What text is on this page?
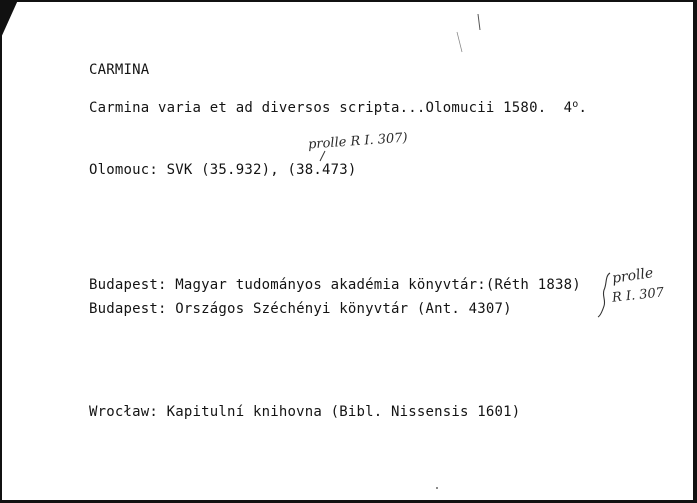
CARMINA
Carmina varia et ad diversos scripta...Olomucii 1580. 4$^o$.
prolle R I. 307)
Olomouc: SVK (35.932), (38.473)
Budapest: Magyar tudományos akadémia könyvtár:(Réth 1838)
Budapest: Országos Széchényi könyvtár (Ant. 4307)
prolle
R I. 307
Wrocław: Kapitulní knihovna (Bibl. Nissensis 1601)
